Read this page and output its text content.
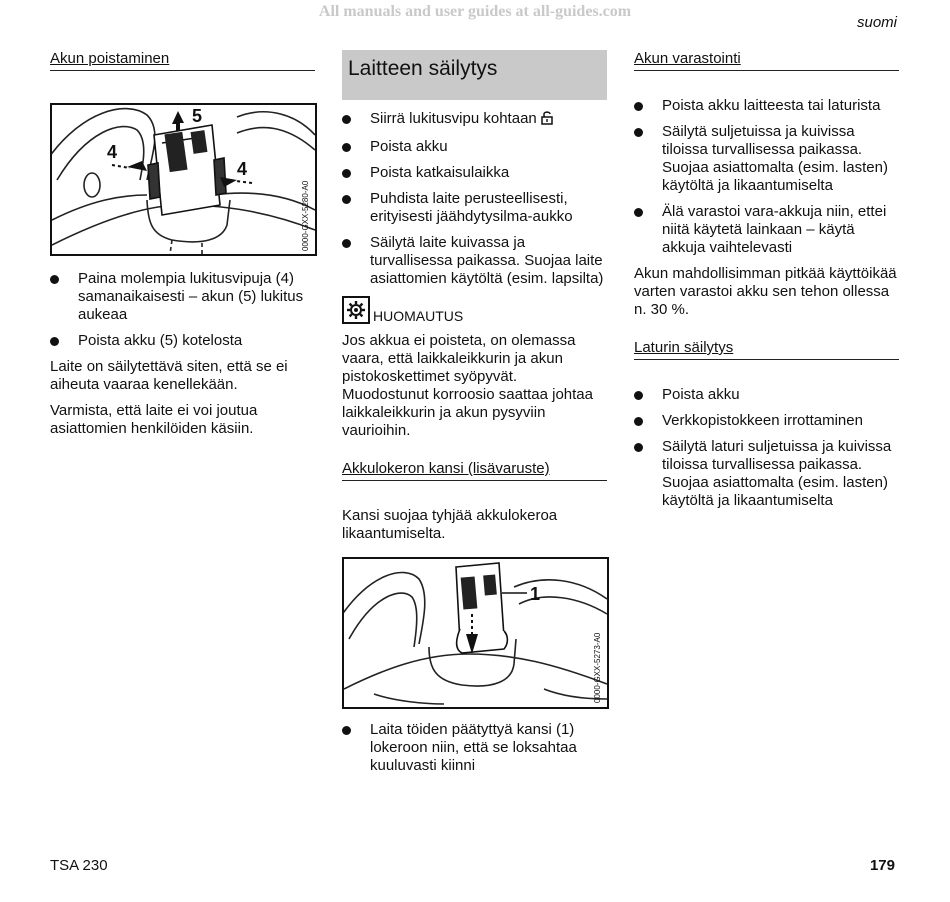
All manuals and user guides at all-guides.com
suomi
Akun poistaminen
4
5
4
0000-GXX-5280-A0
Paina molempia lukitusvipuja (4) samanaikaisesti – akun (5) lukitus aukeaa
Poista akku (5) kotelosta

Laite on säilytettävä siten, että se ei aiheuta vaaraa kenellekään.

Varmista, että laite ei voi joutua asiattomien henkilöiden käsiin.

Laitteen säilytys
Siirrä lukitusvipu kohtaan
Poista akku
Poista katkaisulaikka
Puhdista laite perusteellisesti, erityisesti jäähdytysilma-aukko
Säilytä laite kuivassa ja turvallisessa paikassa. Suojaa laite asiattomien käytöltä (esim. lapsilta)
HUOMAUTUS

Jos akkua ei poisteta, on olemassa vaara, että laikkaleikkurin ja akun pistokoskettimet syöpyvät. Muodostunut korroosio saattaa johtaa laikkaleikkurin ja akun pysyviin vaurioihin.

Akkulokeron kansi (lisävaruste)

Kansi suojaa tyhjää akkulokeroa likaantumiselta.

1
0000-GXX-5273-A0
Laita töiden päätyttyä kansi (1) lokeroon niin, että se loksahtaa kuuluvasti kiinni
Akun varastointi
Poista akku laitteesta tai laturista
Säilytä suljetuissa ja kuivissa tiloissa turvallisessa paikassa. Suojaa asiattomalta (esim. lasten) käytöltä ja likaantumiselta
Älä varastoi vara-akkuja niin, ettei niitä käytetä lainkaan – käytä akkuja vaihtelevasti

Akun mahdollisimman pitkää käyttöikää varten varastoi akku sen tehon ollessa n. 30 %.

Laturin säilytys
Poista akku
Verkkopistokkeen irrottaminen
Säilytä laturi suljetuissa ja kuivissa tiloissa turvallisessa paikassa. Suojaa asiattomalta (esim. lasten) käytöltä ja likaantumiselta
TSA 230	179
